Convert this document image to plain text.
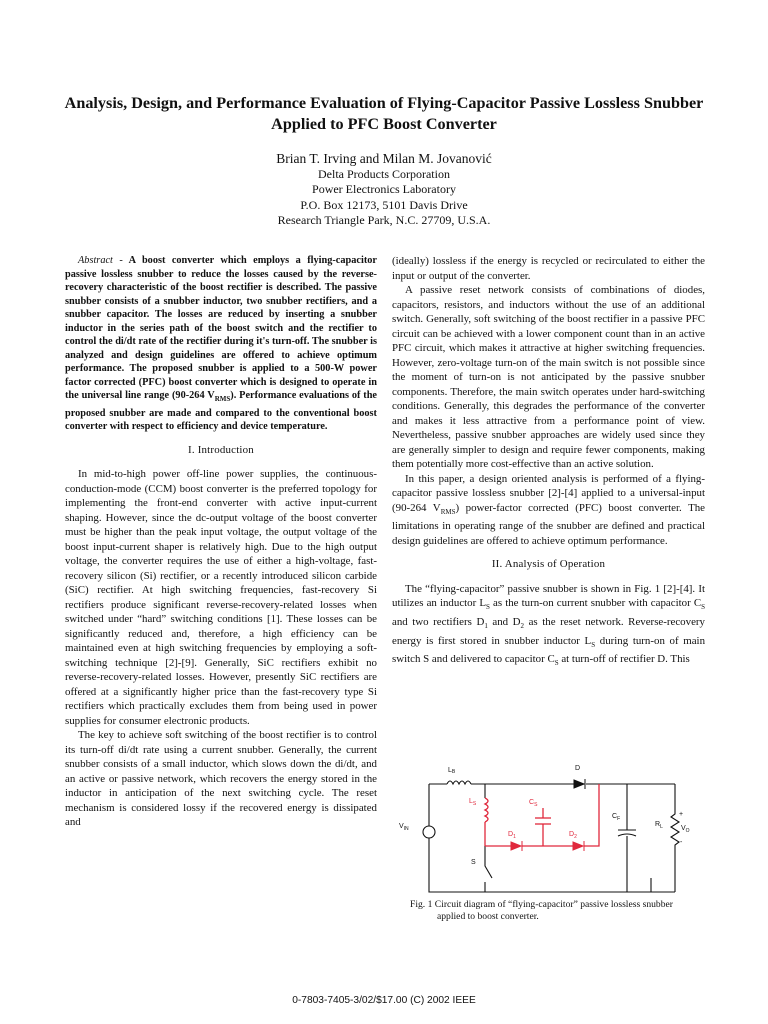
Analysis, Design, and Performance Evaluation of Flying-Capacitor Passive Lossless Snubber Applied to PFC Boost Converter
Brian T. Irving and Milan M. Jovanović
Delta Products Corporation
Power Electronics Laboratory
P.O. Box 12173, 5101 Davis Drive
Research Triangle Park, N.C. 27709, U.S.A.

Abstract - A boost converter which employs a flying-capacitor passive lossless snubber to reduce the losses caused by the reverse-recovery characteristic of the boost rectifier is described. The passive snubber consists of a snubber inductor, two snubber rectifiers, and a snubber capacitor. The losses are reduced by inserting a snubber inductor in the series path of the boost switch and the rectifier to control the di/dt rate of the rectifier during it's turn-off. The snubber is analyzed and design guidelines are offered to achieve optimum performance. The proposed snubber is applied to a 500-W power factor corrected (PFC) boost converter which is designed to operate in the universal line range (90-264 $V_{RMS}$). Performance evaluations of the proposed snubber are made and compared to the conventional boost converter with respect to efficiency and device temperature.

I. Introduction

In mid-to-high power off-line power supplies, the continuous-conduction-mode (CCM) boost converter is the preferred topology for implementing the front-end converter with active input-current shaping. However, since the dc-output voltage of the boost converter must be higher than the peak input voltage, the output voltage of the boost input-current shaper is relatively high. Due to the high output voltage, the converter requires the use of either a high-voltage, fast-recovery silicon (Si) rectifier, or a recently introduced silicon carbide (SiC) rectifier. At high switching frequencies, fast-recovery Si rectifiers produce significant reverse-recovery-related losses when switched under “hard” switching conditions [1]. These losses can be significantly reduced and, therefore, a high efficiency can be maintained even at high switching frequencies by employing a soft-switching technique [2]-[9]. Generally, SiC rectifiers exhibit no reverse-recovery-related losses. However, presently SiC rectifiers are offered at a significantly higher price than the fast-recovery type Si rectifiers which practically excludes them from being used in power supplies for consumer electronic products.

The key to achieve soft switching of the boost rectifier is to control its turn-off di/dt rate using a current snubber. Generally, the current snubber consists of a small inductor, which slows down the di/dt, and an active or passive network, which recovers the energy stored in the inductor in anticipation of the next switching cycle. The reset mechanism is considered lossy if the recovered energy is dissipated and

(ideally) lossless if the energy is recycled or recirculated to either the input or output of the converter.

A passive reset network consists of combinations of diodes, capacitors, resistors, and inductors without the use of an additional switch. Generally, soft switching of the boost rectifier in a passive PFC circuit can be achieved with a lower component count than in an active PFC circuit, which makes it attractive at higher switching frequencies. However, zero-voltage turn-on of the main switch is not possible since the moment of turn-on is not anticipated by the passive snubber components. Therefore, the main switch operates under hard-switching conditions. Generally, this degrades the performance of the converter and makes it less attractive from a performance point of view. Nevertheless, passive snubber approaches are widely used since they are generally simpler to design and require fewer components, making them potentially more cost-effective than an active solution.

In this paper, a design oriented analysis is performed of a flying-capacitor passive lossless snubber [2]-[4] applied to a universal-input (90-264 $V_{RMS}$) power-factor corrected (PFC) boost converter. The limitations in operating range of the snubber are defined and practical design guidelines are offered to achieve optimum performance.

II. Analysis of Operation

The “flying-capacitor” passive snubber is shown in Fig. 1 [2]-[4]. It utilizes an inductor $L_S$ as the turn-on current snubber with capacitor $C_S$ and two rectifiers $D_1$ and $D_2$ as the reset network. Reverse-recovery energy is first stored in snubber inductor $L_S$ during turn-on of main switch S and delivered to capacitor $C_S$ at turn-off of rectifier D. This

LB	D
$C_F$
$R_L$	$V_O$
+
-
$V_{IN}$
S
$L_S$	$C_S$
$D_1$	$D_2$
Fig. 1 Circuit diagram of “flying-capacitor” passive lossless snubber
applied to boost converter.
0-7803-7405-3/02/$17.00 (C) 2002 IEEE
